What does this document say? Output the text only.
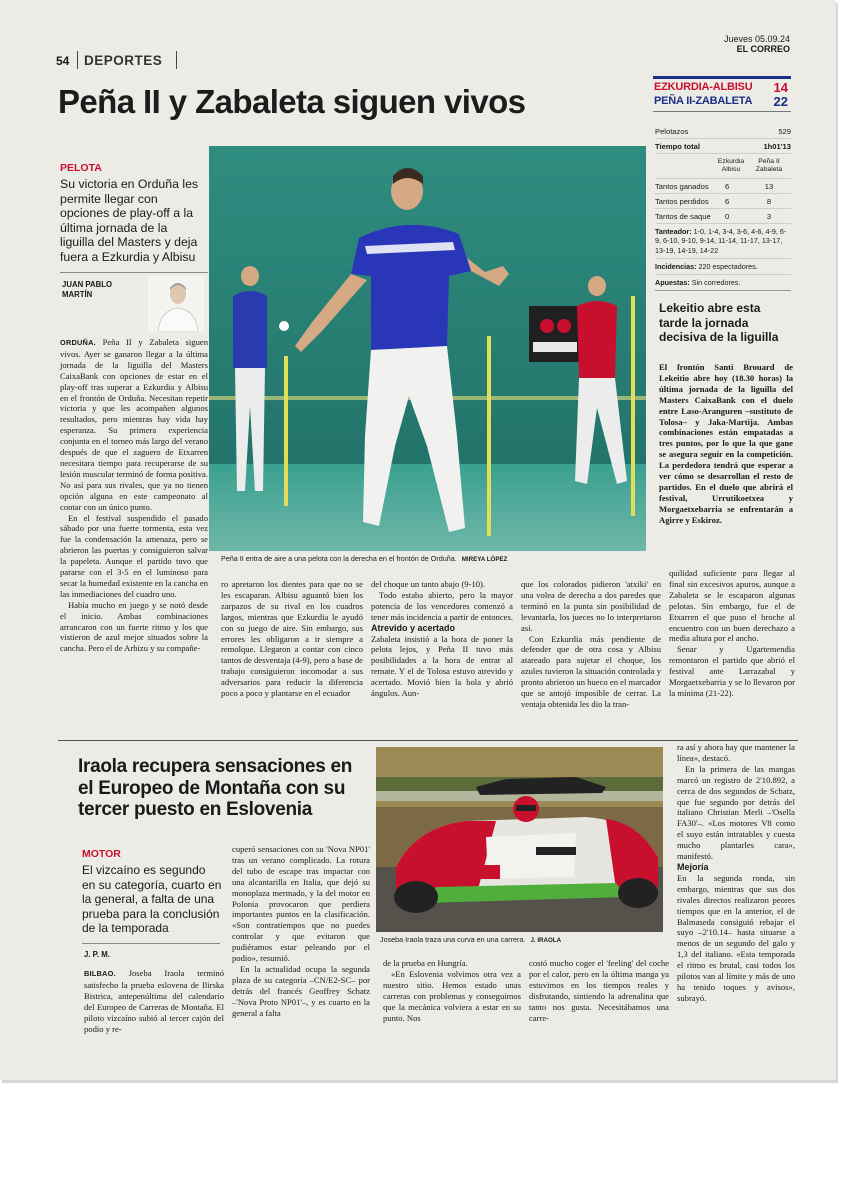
54 DEPORTES
Jueves 05.09.24
EL CORREO
Peña II y Zabaleta siguen vivos
PELOTA
Su victoria en Orduña les permite llegar con opciones de play-off a la última jornada de la liguilla del Masters y deja fuera a Ezkurdia y Albisu
JUAN PABLO MARTÍN
Peña II entra de aire a una pelota con la derecha en el frontón de Orduña. MIREYA LÓPEZ
EZKURDIA-ALBISU	14
PEÑA II-ZABALETA	22
Pelotazos	529
Tiempo total	1h01'13
Ezkurdia Albisu
Peña II Zabaleta
Tantos ganados	6	13
Tantos perdidos	6	8
Tantos de saque	0	3
Tanteador: 1-0, 1-4, 3-4, 3-6, 4-6, 4-9, 6-9, 6-10, 9-10, 9-14, 11-14, 11-17, 13-17, 13-19, 14-19, 14-22
Incidencias: 220 espectadores.
Apuestas: Sin corredores.
Lekeitio abre esta tarde la jornada decisiva de la liguilla
El frontón Santi Brouard de Lekeitio abre hoy (18.30 horas) la última jornada de la liguilla del Masters CaixaBank con el duelo entre Laso-Aranguren –sustituto de Tolosa– y Jaka-Martija. Ambas combinaciones están empatadas a tres puntos, por lo que la que gane se asegura seguir en la competición. La perdedora tendrá que esperar a ver cómo se desarrollan el resto de partidos. En el duelo que abrirá el festival, Urrutikoetxea y Morgaetxebarria se enfrentarán a Agirre y Eskiroz.

ORDUÑA. Peña II y Zabaleta siguen vivos. Ayer se ganaron llegar a la última jornada de la liguilla del Masters CaixaBank con opciones de estar en el play-off tras superar a Ezkurdia y Albisu en el frontón de Orduña. Necesitan repetir victoria y que les acompañen algunos resultados, pero mientras hay vida hay esperanza. Su primera experiencia conjunta en el torneo más largo del verano después de que el zaguero de Etxarren necesitara tiempo para recuperarse de su lesión muscular terminó de forma positiva. No así para sus rivales, que ya no tienen opción alguna en este campeonato al contar con un único punto.

En el festival suspendido el pasado sábado por una fuerte tormenta, esta vez fue la condensación la amenaza, pero se abrieron las puertas y consiguieron salvar la papeleta. Aunque el partido tuvo que pararse con el 3-5 en el luminoso para secar la humedad existente en la cancha en las inmediaciones del cuadro uno.

Había mucho en juego y se notó desde el inicio. Ambas combinaciones arrancaron con un fuerte ritmo y los que vistieron de azul mejor situados sobre la cancha. Pero el de Arbizu y su compañe-

ro apretaron los dientes para que no se les escaparan. Albisu aguantó bien los zarpazos de su rival en los cuadros largos, mientras que Ezkurdia le ayudó con su juego de aire. Sin embargo, sus errores les obligaron a ir siempre a remolque. Llegaron a contar con cinco tantos de desventaja (4-9), pero a base de trabajo consiguieron incomodar a sus adversarios para reducir la diferencia poco a poco y plantarse en el ecuador

del choque un tanto abajo (9-10).

Todo estaba abierto, pero la mayor potencia de los vencedores comenzó a tener más incidencia a partir de entonces.

Atrevido y acertado

Zabaleta insistió a la hora de poner la pelota lejos, y Peña II tuvo más posibilidades a la hora de entrar al remate. Y el de Tolosa estuvo atrevido y acertado. Movió bien la bola y abrió ángulos. Aun-

que los colorados pidieron 'atxiki' en una volea de derecha a dos paredes que terminó en la punta sin posibilidad de levantarla, los jueces no lo interpretaron así.

Con Ezkurdia más pendiente de defender que de otra cosa y Albisu atareado para sujetar el choque, los azules tuvieron la situación controlada y pronto abrieron un hueco en el marcador que se antojó imposible de cerrar. La ventaja obtenida les dio la tran-

quilidad suficiente para llegar al final sin excesivos apuros, aunque a Zabaleta se le escaparon algunas pelotas. Sin embargo, fue el de Etxarren el que puso el broche al encuentro con un buen derechazo a media altura por el ancho.

Senar y Ugartemendia remontaron el partido que abrió el festival ante Larrazabal y Morgaetxebarria y se lo llevaron por la mínima (21-22).

Iraola recupera sensaciones en el Europeo de Montaña con su tercer puesto en Eslovenia
MOTOR
El vizcaíno es segundo en su categoría, cuarto en la general, a falta de una prueba para la conclusión de la temporada
J. P. M.

BILBAO. Joseba Iraola terminó satisfecho la prueba eslovena de Ilirska Bistrica, antepenúltima del calendario del Europeo de Carreras de Montaña. El piloto vizcaíno subió al tercer cajón del podio y re-

cuperó sensaciones con su 'Nova NP01' tras un verano complicado. La rotura del tubo de escape tras impactar con una alcantarilla en Italia, que dejó su monoplaza mermado, y la del motor en Polonia provocaron que perdiera importantes puntos en la clasificación. «Son contratiempos que no puedes controlar y que evitaron que pudiéramos estar peleando por el podio», resumió.

En la actualidad ocupa la segunda plaza de su categoría –CN/E2-SC– por detrás del francés Geoffrey Schatz –'Nova Proto NP01'–, y es cuarto en la general a falta

Joseba Iraola traza una curva en una carrera. J. IRAOLA

de la prueba en Hungría.

«En Eslovenia volvimos otra vez a nuestro sitio. Hemos estado unas carreras con problemas y conseguimos que la mecánica volviera a estar en su punto. Nos

costó mucho coger el 'feeling' del coche por el calor, pero en la última manga ya estuvimos en los tiempos reales y disfrutando, sintiendo la adrenalina que tanto nos gusta. Necesitábamos una carre-

ra así y ahora hay que mantener la línea», destacó.

En la primera de las mangas marcó un registro de 2'10.892, a cerca de dos segundos de Schatz, que fue segundo por detrás del italiano Christian Merli –'Osella FA30'–. «Los motores V8 como el suyo están intratables y cuesta mucho plantarles cara», manifestó.

Mejoría

En la segunda ronda, sin embargo, mientras que sus dos rivales directos realizaron peores tiempos que en la anterior, el de Balmaseda consiguió rebajar el suyo –2'10.14– hasta situarse a menos de un segundo del galo y 1,3 del italiano. «Esta temporada el ritmo es brutal, casi todos los pilotos van al límite y más de uno ha tenido toques y avisos», subrayó.
